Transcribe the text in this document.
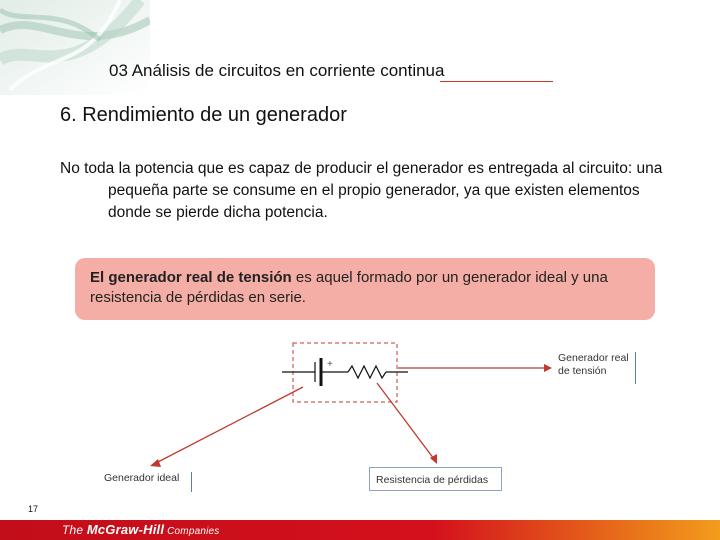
03 Análisis de circuitos en corriente continua
6. Rendimiento de un generador
No toda la potencia que es capaz de producir el generador es entregada al circuito: una pequeña parte se consume en el propio generador, ya que existen elementos donde se pierde dicha potencia.
El generador real de tensión es aquel formado por un generador ideal y una resistencia de pérdidas en serie.
+
Generador real
de tensión
Generador ideal	Resistencia de pérdidas
17
The McGraw-Hill Companies
